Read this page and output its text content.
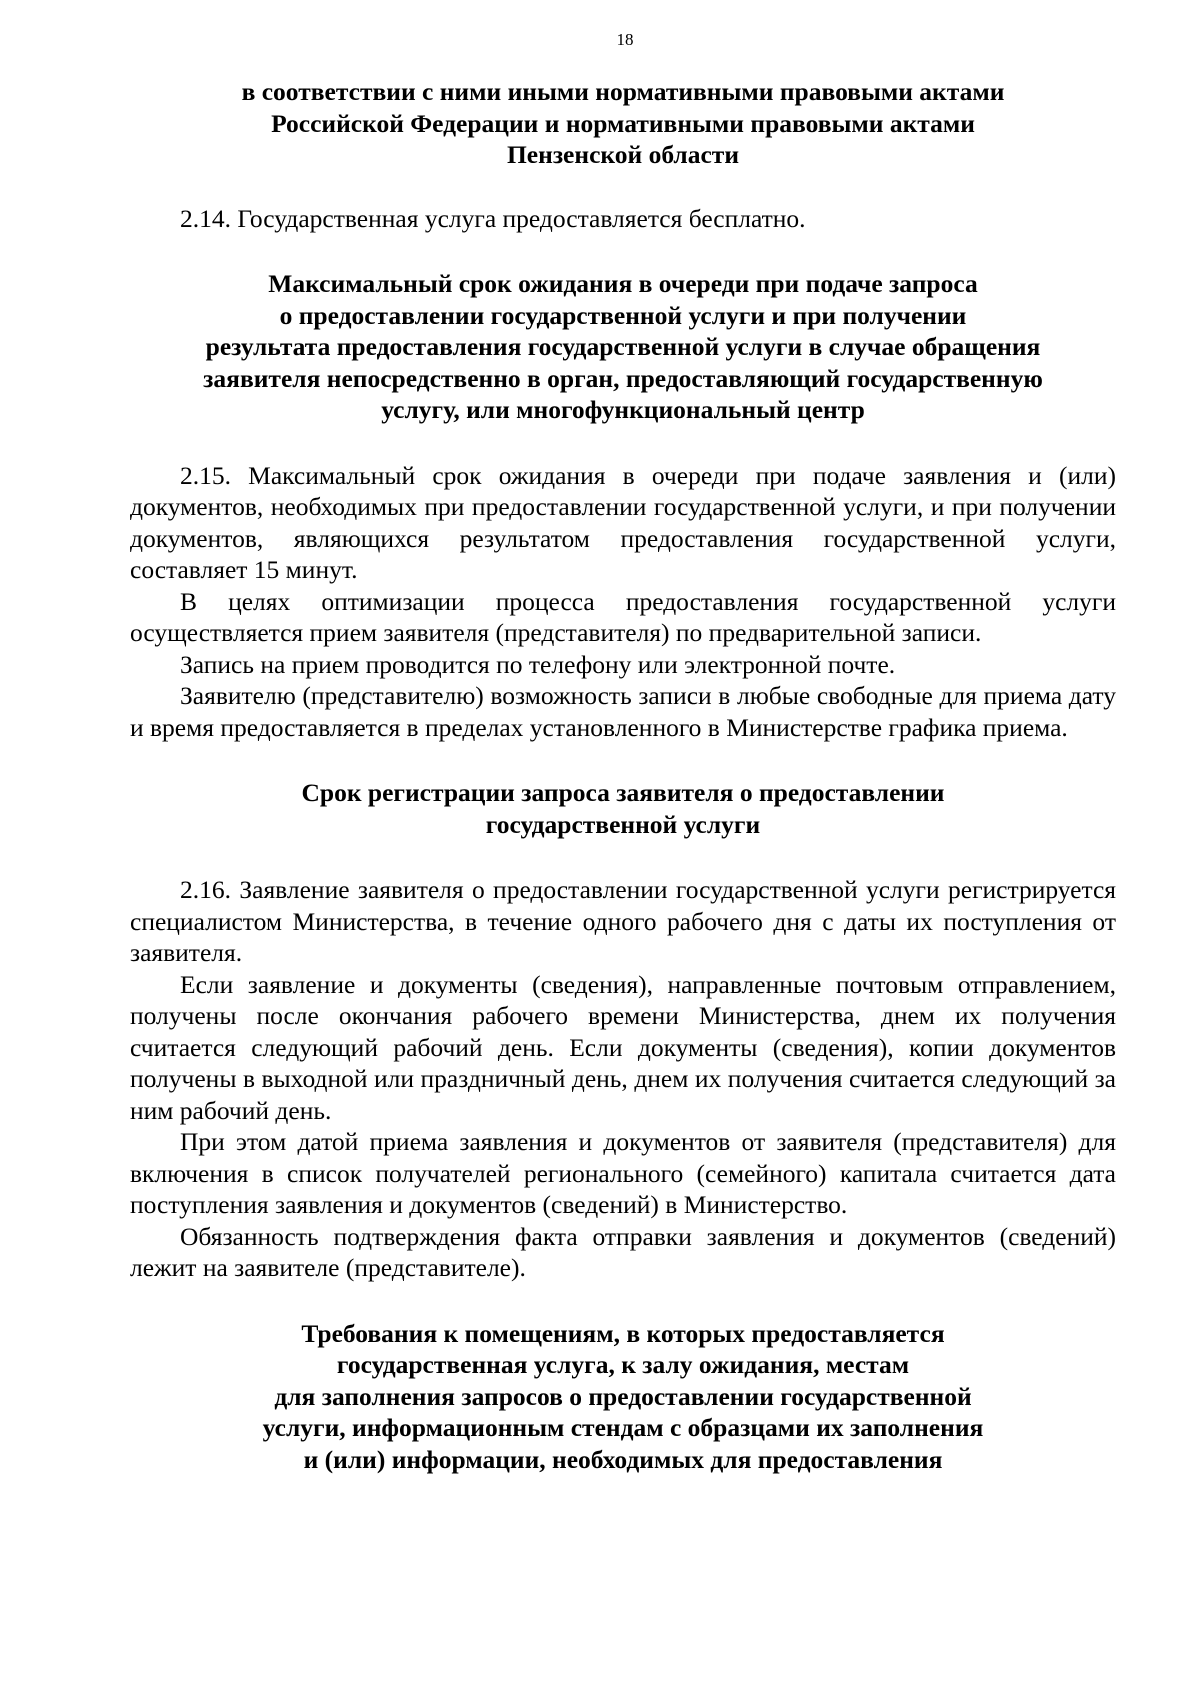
18
в соответствии с ними иными нормативными правовыми актами
Российской Федерации и нормативными правовыми актами
Пензенской области

2.14. Государственная услуга предоставляется бесплатно.

Максимальный срок ожидания в очереди при подаче запроса
о предоставлении государственной услуги и при получении
результата предоставления государственной услуги в случае обращения
заявителя непосредственно в орган, предоставляющий государственную
услугу, или многофункциональный центр

2.15. Максимальный срок ожидания в очереди при подаче заявления и (или) документов, необходимых при предоставлении государственной услуги, и при получении документов, являющихся результатом предоставления государственной услуги, составляет 15 минут.

В целях оптимизации процесса предоставления государственной услуги осуществляется прием заявителя (представителя) по предварительной записи.

Запись на прием проводится по телефону или электронной почте.

Заявителю (представителю) возможность записи в любые свободные для приема дату и время предоставляется в пределах установленного в Министерстве графика приема.

Срок регистрации запроса заявителя о предоставлении
государственной услуги

2.16. Заявление заявителя о предоставлении государственной услуги регистрируется специалистом Министерства, в течение одного рабочего дня с даты их поступления от заявителя.

Если заявление и документы (сведения), направленные почтовым отправлением, получены после окончания рабочего времени Министерства, днем их получения считается следующий рабочий день. Если документы (сведения), копии документов получены в выходной или праздничный день, днем их получения считается следующий за ним рабочий день.

При этом датой приема заявления и документов от заявителя (представителя) для включения в список получателей регионального (семейного) капитала считается дата поступления заявления и документов (сведений) в Министерство.

Обязанность подтверждения факта отправки заявления и документов (сведений) лежит на заявителе (представителе).

Требования к помещениям, в которых предоставляется
государственная услуга, к залу ожидания, местам
для заполнения запросов о предоставлении государственной
услуги, информационным стендам с образцами их заполнения
и (или) информации, необходимых для предоставления
